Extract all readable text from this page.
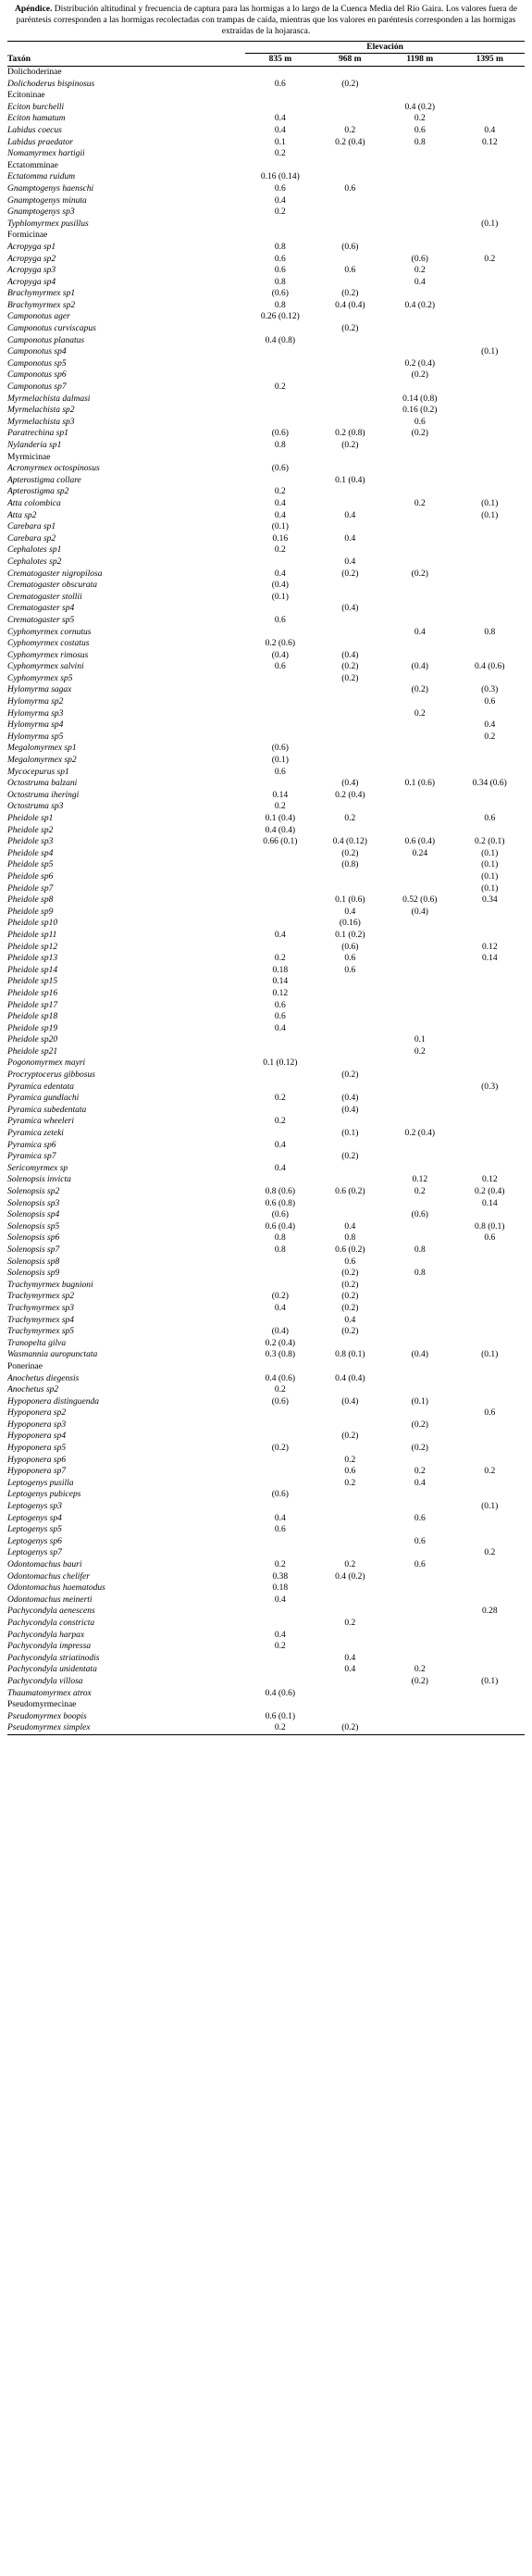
Apéndice. Distribución altitudinal y frecuencia de captura para las hormigas a lo largo de la Cuenca Media del Río Gaira. Los valores fuera de paréntesis corresponden a las hormigas recolectadas con trampas de caída, mientras que los valores en paréntesis corresponden a las hormigas extraídas de la hojarasca.

	Elevación			
Taxón	835 m	968 m	1198 m	1395 m
Dolichoderinae				
Dolichoderus bispinosus	0.6	(0.2)		
Ecitoninae				
Eciton burchelli			0.4 (0.2)	
Eciton hamatum	0.4		0.2	
Labidus coecus	0.4	0.2	0.6	0.4
Labidus praedator	0.1	0.2 (0.4)	0.8	0.12
Nomamyrmex hartigii	0.2			
Ectatomminae				
Ectatomma ruidum	0.16 (0.14)			
Gnamptogenys haenschi	0.6	0.6		
Gnamptogenys minuta	0.4			
Gnamptogenys sp3	0.2			
Typhlomyrmex pusillus				(0.1)
Formicinae				
Acropyga sp1	0.8	(0.6)		
Acropyga sp2	0.6		(0.6)	0.2
Acropyga sp3	0.6	0.6	0.2	
Acropyga sp4	0.8		0.4	
Brachymyrmex sp1	(0.6)	(0.2)		
Brachymyrmex sp2	0.8	0.4 (0.4)	0.4 (0.2)	
Camponotus ager	0.26 (0.12)			
Camponotus curviscapus		(0.2)		
Camponotus planatus	0.4 (0.8)			
Camponotus sp4				(0.1)
Camponotus sp5			0.2 (0.4)	
Camponotus sp6			(0.2)	
Camponotus sp7	0.2			
Myrmelachista dalmasi			0.14 (0.8)	
Myrmelachista sp2			0.16 (0.2)	
Myrmelachista sp3			0.6	
Paratrechina sp1	(0.6)	0.2 (0.8)	(0.2)	
Nylanderia sp1	0.8	(0.2)		
Myrmicinae				
Acromyrmex octospinosus	(0.6)			
Apterostigma collare		0.1 (0.4)		
Apterostigma sp2	0.2			
Atta colombica	0.4		0.2	(0.1)
Atta sp2	0.4	0.4		(0.1)
Carebara sp1	(0.1)			
Carebara sp2	0.16	0.4		
Cephalotes sp1	0.2			
Cephalotes sp2		0.4		
Crematogaster nigropilosa	0.4	(0.2)	(0.2)	
Crematogaster obscurata	(0.4)			
Crematogaster stollii	(0.1)			
Crematogaster sp4		(0.4)		
Crematogaster sp5	0.6			
Cyphomyrmex cornutus			0.4	0.8
Cyphomyrmex costatus	0.2 (0.6)			
Cyphomyrmex rimosus	(0.4)	(0.4)		
Cyphomyrmex salvini	0.6	(0.2)	(0.4)	0.4 (0.6)
Cyphomyrmex sp5		(0.2)		
Hylomyrma sagax			(0.2)	(0.3)
Hylomyrma sp2				0.6
Hylomyrma sp3			0.2	
Hylomyrma sp4				0.4
Hylomyrma sp5				0.2
Megalomyrmex sp1	(0.6)			
Megalomyrmex sp2	(0.1)			
Mycocepurus sp1	0.6			
Octostruma balzani		(0.4)	0.1 (0.6)	0.34 (0.6)
Octostruma iheringi	0.14	0.2 (0.4)		
Octostruma sp3	0.2			
Pheidole sp1	0.1 (0.4)	0.2		0.6
Pheidole sp2	0.4 (0.4)			
Pheidole sp3	0.66 (0.1)	0.4 (0.12)	0.6 (0.4)	0.2 (0.1)
Pheidole sp4		(0.2)	0.24	(0.1)
Pheidole sp5		(0.8)		(0.1)
Pheidole sp6				(0.1)
Pheidole sp7				(0.1)
Pheidole sp8		0.1 (0.6)	0.52 (0.6)	0.34
Pheidole sp9		0.4	(0.4)	
Pheidole sp10		(0.16)		
Pheidole sp11	0.4	0.1 (0.2)		
Pheidole sp12		(0.6)		0.12
Pheidole sp13	0.2	0.6		0.14
Pheidole sp14	0.18	0.6		
Pheidole sp15	0.14			
Pheidole sp16	0.12			
Pheidole sp17	0.6			
Pheidole sp18	0.6			
Pheidole sp19	0.4			
Pheidole sp20			0.1	
Pheidole sp21			0.2	
Pogonomyrmex mayri	0.1 (0.12)			
Procryptocerus gibbosus		(0.2)		
Pyramica edentata				(0.3)
Pyramica gundlachi	0.2	(0.4)		
Pyramica subedentata		(0.4)		
Pyramica wheeleri	0.2			
Pyramica zeteki		(0.1)	0.2 (0.4)	
Pyramica sp6	0.4			
Pyramica sp7		(0.2)		
Sericomyrmex sp	0.4			
Solenopsis invicta			0.12	0.12
Solenopsis sp2	0.8 (0.6)	0.6 (0.2)	0.2	0.2 (0.4)
Solenopsis sp3	0.6 (0.8)			0.14
Solenopsis sp4	(0.6)		(0.6)	
Solenopsis sp5	0.6 (0.4)	0.4		0.8 (0.1)
Solenopsis sp6	0.8	0.8		0.6
Solenopsis sp7	0.8	0.6 (0.2)	0.8	
Solenopsis sp8		0.6		
Solenopsis sp9		(0.2)	0.8	
Trachymyrmex bugnioni		(0.2)		
Trachymyrmex sp2	(0.2)	(0.2)		
Trachymyrmex sp3	0.4	(0.2)		
Trachymyrmex sp4		0.4		
Trachymyrmex sp5	(0.4)	(0.2)		
Tranopelta gilva	0.2 (0.4)			
Wasmannia auropunctata	0.3 (0.8)	0.8 (0.1)	(0.4)	(0.1)
Ponerinae				
Anochetus diegensis	0.4 (0.6)	0.4 (0.4)		
Anochetus sp2	0.2			
Hypoponera distinguenda	(0.6)	(0.4)	(0.1)	
Hypoponera sp2				0.6
Hypoponera sp3			(0.2)	
Hypoponera sp4		(0.2)		
Hypoponera sp5	(0.2)		(0.2)	
Hypoponera sp6		0.2		
Hypoponera sp7		0.6	0.2	0.2
Leptogenys pusilla		0.2	0.4	
Leptogenys pubiceps	(0.6)			
Leptogenys sp3				(0.1)
Leptogenys sp4	0.4		0.6	
Leptogenys sp5	0.6			
Leptogenys sp6			0.6	
Leptogenys sp7				0.2
Odontomachus bauri	0.2	0.2	0.6	
Odontomachus chelifer	0.38	0.4 (0.2)		
Odontomachus haematodus	0.18			
Odontomachus meinerti	0.4			
Pachycondyla aenescens				0.28
Pachycondyla constricta		0.2		
Pachycondyla harpax	0.4			
Pachycondyla impressa	0.2			
Pachycondyla striatinodis		0.4		
Pachycondyla unidentata		0.4	0.2	
Pachycondyla villosa			(0.2)	(0.1)
Thaumatomyrmex atrox	0.4 (0.6)			
Pseudomyrmecinae				
Pseudomyrmex boopis	0.6 (0.1)			
Pseudomyrmex simplex	0.2	(0.2)		
